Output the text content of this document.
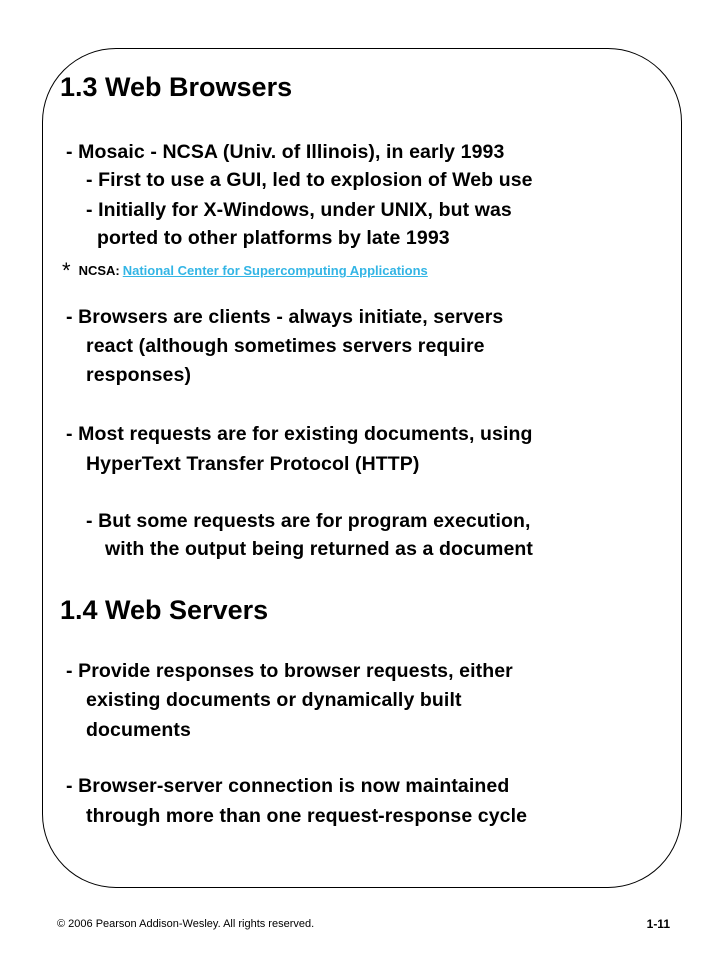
1.3 Web Browsers
- Mosaic - NCSA (Univ. of Illinois), in early 1993
- First to use a GUI, led to explosion of Web use
- Initially for X-Windows, under UNIX, but was
ported to other platforms by late 1993
* NCSA: National Center for Supercomputing Applications
- Browsers are clients - always initiate, servers
react (although sometimes servers require
responses)
- Most requests are for existing documents, using
HyperText Transfer Protocol (HTTP)
- But some requests are for program execution,
with the output being returned as a document
1.4 Web Servers
- Provide responses to browser requests, either
existing documents or dynamically built
documents
- Browser-server connection is now maintained
through more than one request-response cycle
© 2006 Pearson Addison-Wesley. All rights reserved.	1-11
